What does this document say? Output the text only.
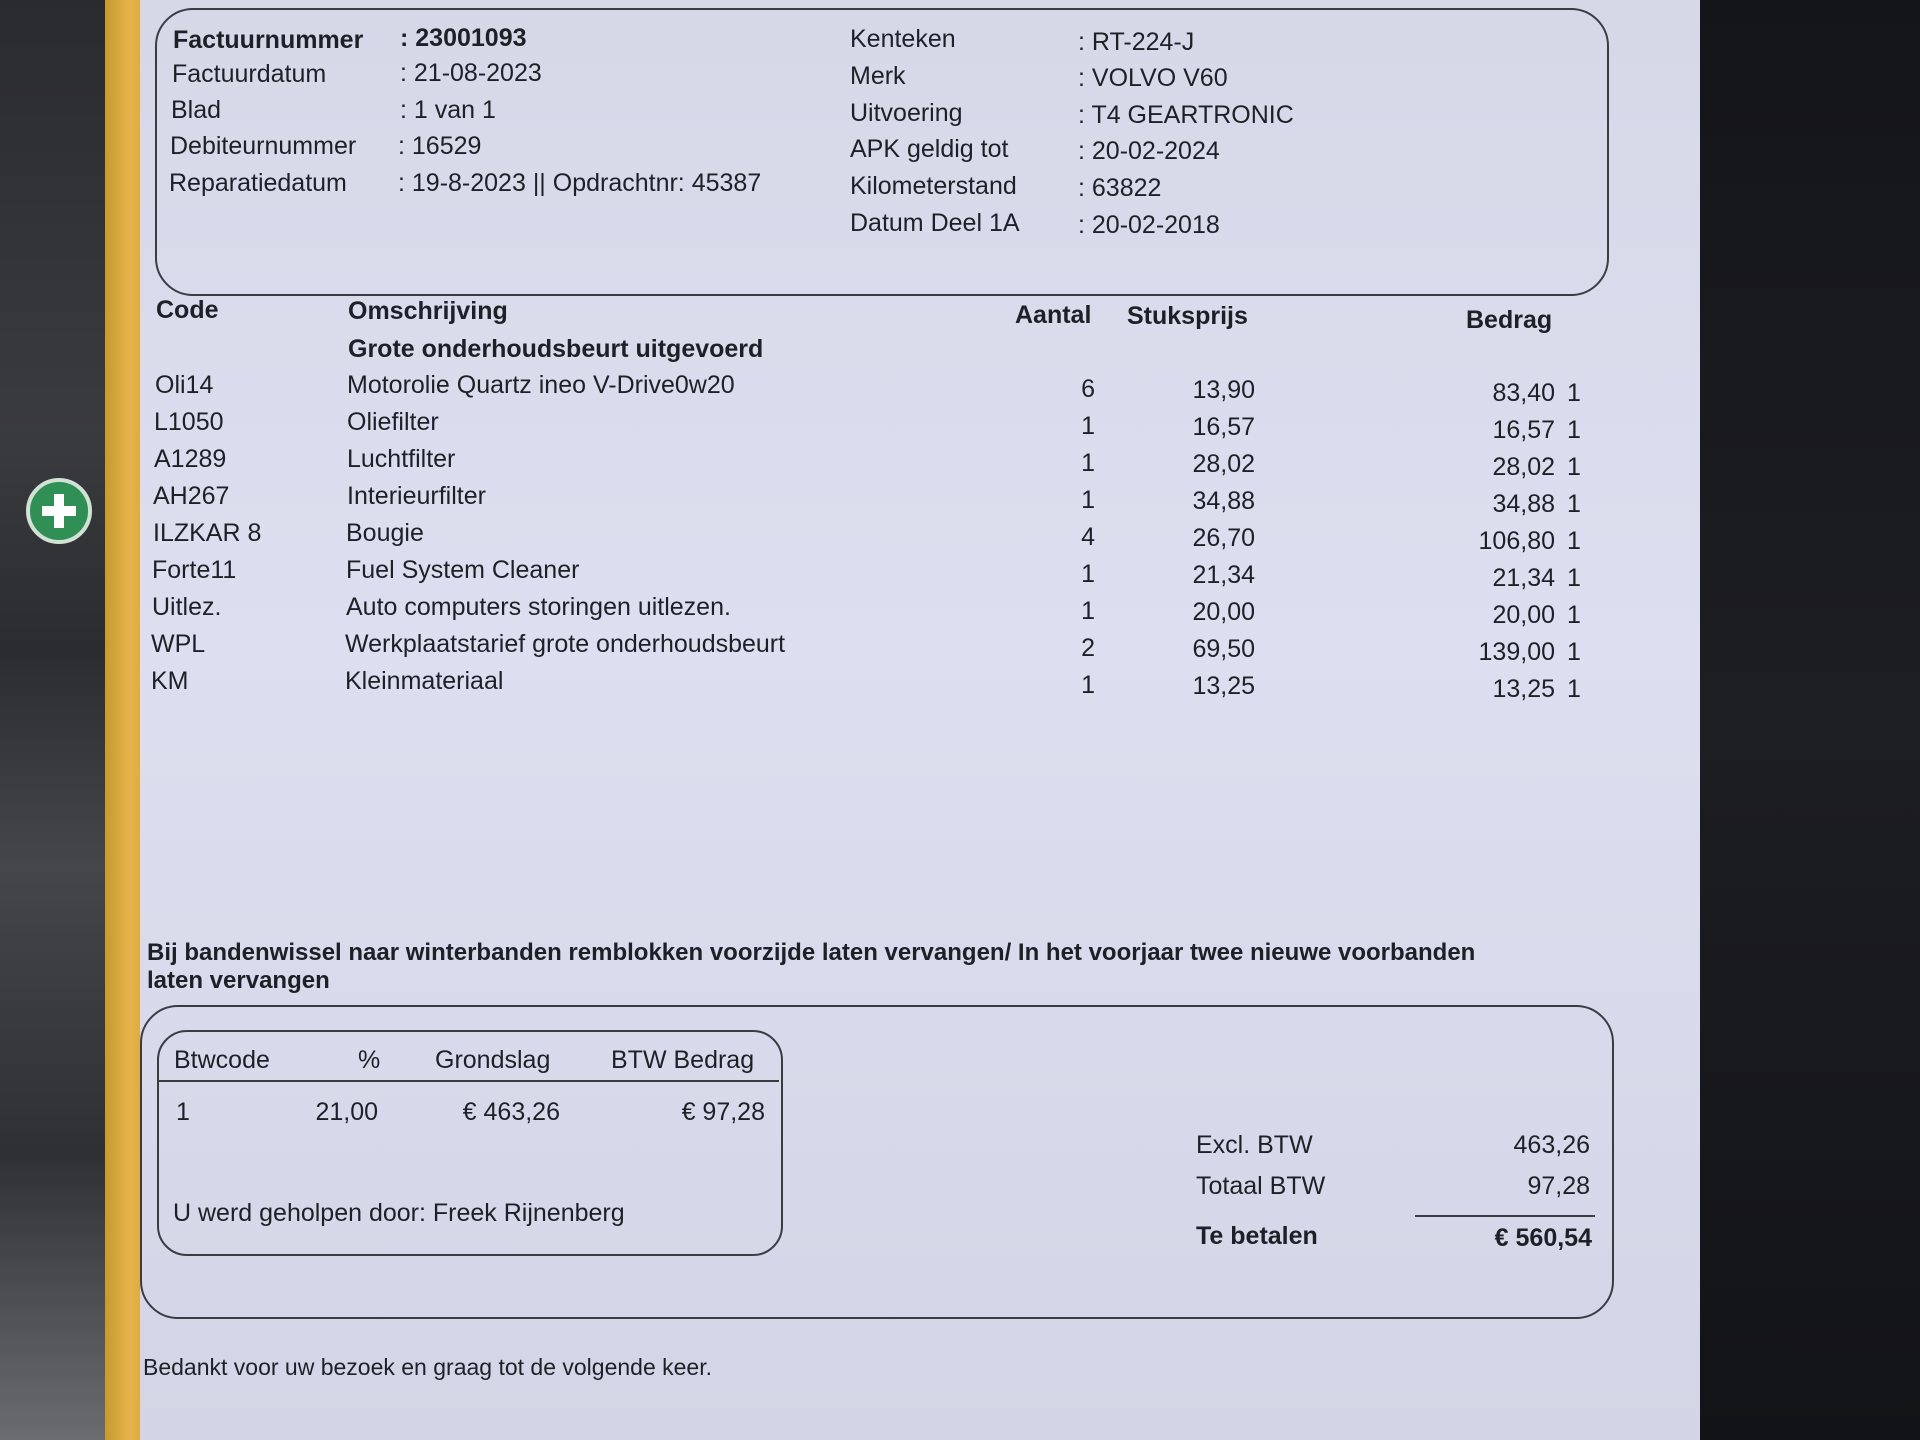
Factuurnummer : 23001093
Factuurdatum	: 21-08-2023
Blad	: 1 van 1
Debiteurnummer : 16529
Reparatiedatum : 19-8-2023 || Opdrachtnr: 45387
Kenteken	: RT-224-J
Merk	: VOLVO V60
Uitvoering	: T4 GEARTRONIC
APK geldig tot	: 20-02-2024
Kilometerstand : 63822
Datum Deel 1A : 20-02-2018
Code	Omschrijving	Aantal Stuksprijs	Bedrag
Grote onderhoudsbeurt uitgevoerd
Oli14	Motorolie Quartz ineo V-Drive0w20	6	13,90	83,40 1
L1050	Oliefilter	1	16,57	16,57 1
A1289	Luchtfilter	1	28,02	28,02 1
AH267	Interieurfilter	1	34,88	34,88 1
ILZKAR 8	Bougie	4	26,70	106,80 1
Forte11	Fuel System Cleaner	1	21,34	21,34 1
Uitlez.	Auto computers storingen uitlezen.	1	20,00	20,00 1
WPL	Werkplaatstarief grote onderhoudsbeurt	2	69,50	139,00 1
KM	Kleinmateriaal	1	13,25	13,25 1
Bij bandenwissel naar winterbanden remblokken voorzijde laten vervangen/ In het voorjaar twee nieuwe voorbanden
laten vervangen
Btwcode	% Grondslag BTW Bedrag
1	21,00	€ 463,26	€ 97,28
U werd geholpen door: Freek Rijnenberg
Excl. BTW	463,26
Totaal BTW	97,28
Te betalen	€ 560,54
Bedankt voor uw bezoek en graag tot de volgende keer.
